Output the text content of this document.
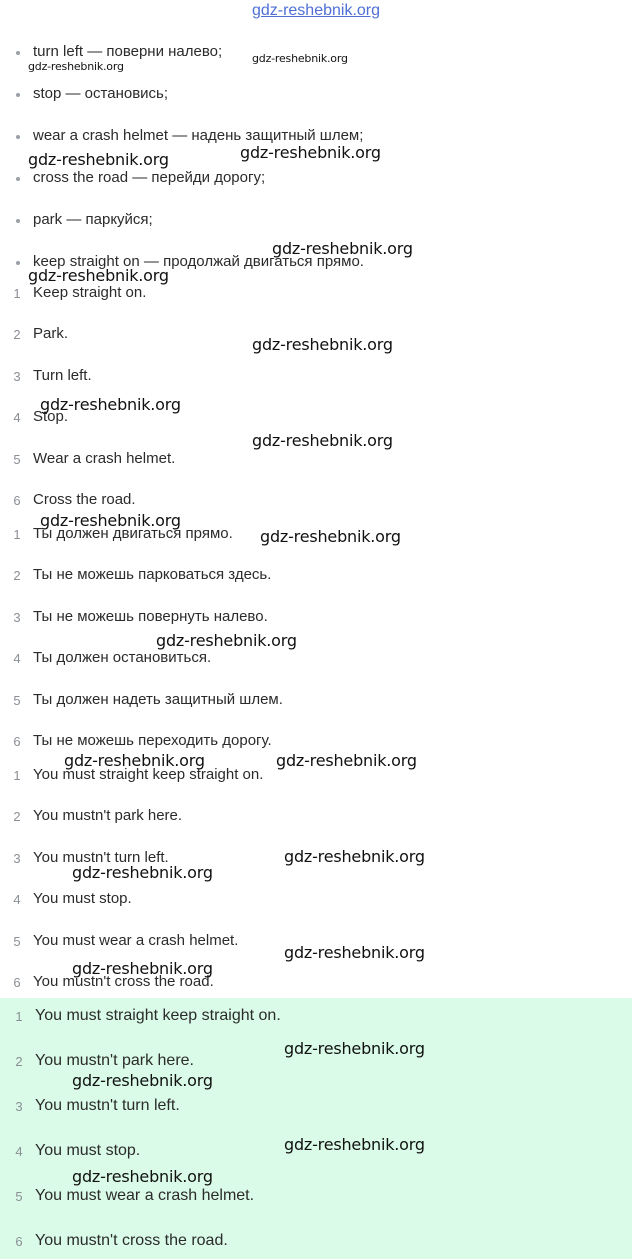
gdz-reshebnik.org
turn left — поверни налево;
stop — остановись;
wear a crash helmet — надень защитный шлем;
cross the road — перейди дорогу;
park — паркуйся;
keep straight on — продолжай двигаться прямо.
1 Keep straight on.
2 Park.
3 Turn left.
4 Stop.
5 Wear a crash helmet.
6 Cross the road.
1 Ты должен двигаться прямо.
2 Ты не можешь парковаться здесь.
3 Ты не можешь повернуть налево.
4 Ты должен остановиться.
5 Ты должен надеть защитный шлем.
6 Ты не можешь переходить дорогу.
1 You must straight keep straight on.
2 You mustn't park here.
3 You mustn't turn left.
4 You must stop.
5 You must wear a crash helmet.
6 You mustn't cross the road.
1 You must straight keep straight on.
2 You mustn't park here.
3 You mustn't turn left.
4 You must stop.
5 You must wear a crash helmet.
6 You mustn't cross the road.
gdz-reshebnik.org
gdz-reshebnik.org
gdz-reshebnik.org	gdz-reshebnik.org
gdz-reshebnik.org
gdz-reshebnik.org
gdz-reshebnik.org
gdz-reshebnik.org
gdz-reshebnik.org
gdz-reshebnik.org
gdz-reshebnik.org
gdz-reshebnik.org
gdz-reshebnik.org	gdz-reshebnik.org
gdz-reshebnik.org
gdz-reshebnik.org
gdz-reshebnik.org
gdz-reshebnik.org
gdz-reshebnik.org
gdz-reshebnik.org
gdz-reshebnik.org
gdz-reshebnik.org
